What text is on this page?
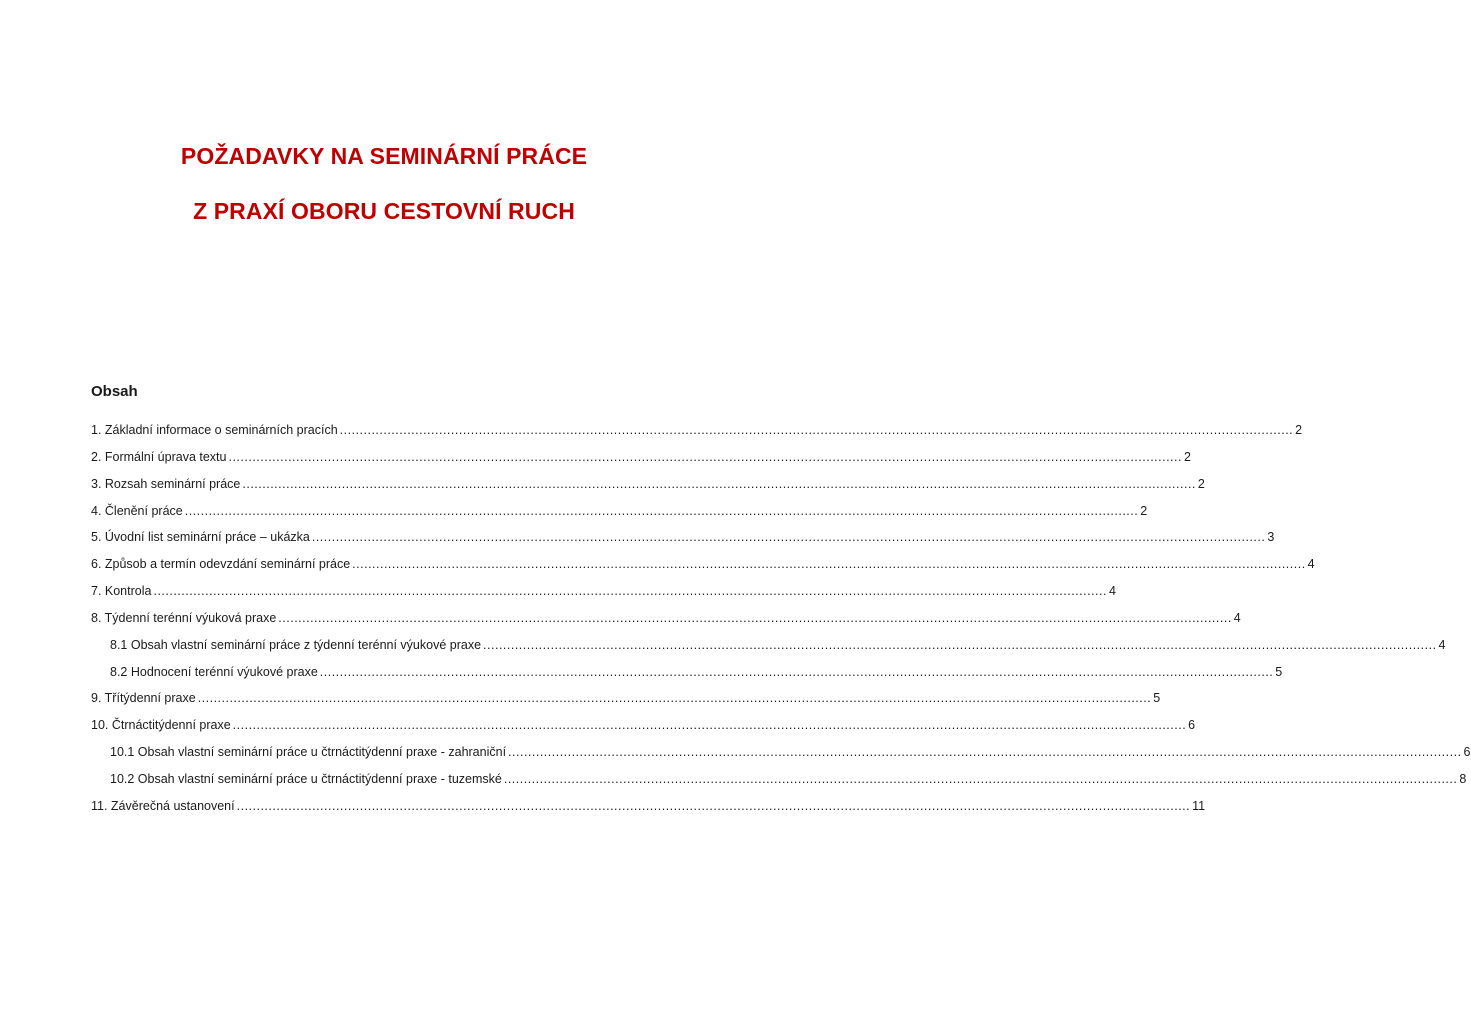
POŽADAVKY NA SEMINÁRNÍ PRÁCE
Z PRAXÍ OBORU CESTOVNÍ RUCH
Obsah
1. Základní informace o seminárních pracích ................................................................................................................................................................................................................................................ 2
2. Formální úprava textu ................................................................................................................................................................................................................................................ 2
3. Rozsah seminární práce ................................................................................................................................................................................................................................................ 2
4. Členění práce ................................................................................................................................................................................................................................................ 2
5. Úvodní list seminární práce – ukázka ................................................................................................................................................................................................................................................ 3
6. Způsob a termín odevzdání seminární práce ................................................................................................................................................................................................................................................ 4
7. Kontrola ................................................................................................................................................................................................................................................ 4
8. Týdenní terénní výuková praxe ................................................................................................................................................................................................................................................ 4
8.1 Obsah vlastní seminární práce z týdenní terénní výukové praxe ................................................................................................................................................................................................................................................ 4
8.2 Hodnocení terénní výukové praxe ................................................................................................................................................................................................................................................ 5
9. Třítýdenní praxe ................................................................................................................................................................................................................................................ 5
10. Čtrnáctitýdenní praxe ................................................................................................................................................................................................................................................ 6
10.1 Obsah vlastní seminární práce u čtrnáctitýdenní praxe - zahraniční ................................................................................................................................................................................................................................................ 6
10.2 Obsah vlastní seminární práce u čtrnáctitýdenní praxe - tuzemské ................................................................................................................................................................................................................................................ 8
11. Závěrečná ustanovení ................................................................................................................................................................................................................................................ 11
